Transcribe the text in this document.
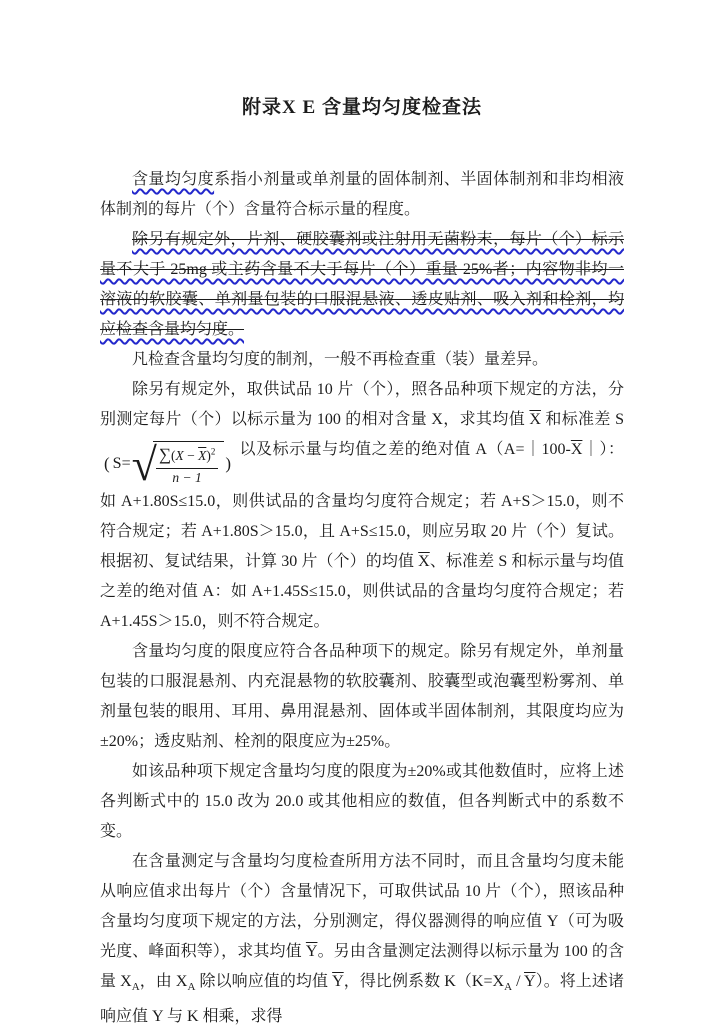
附录X E 含量均匀度检查法

含量均匀度系指小剂量或单剂量的固体制剂、半固体制剂和非均相液体制剂的每片（个）含量符合标示量的程度。

除另有规定外，片剂、硬胶囊剂或注射用无菌粉末，每片（个）标示量不大于 25mg 或主药含量不大于每片（个）重量 25%者；内容物非均一溶液的软胶囊、单剂量包装的口服混悬液、透皮贴剂、吸入剂和栓剂，均应检查含量均匀度。

凡检查含量均匀度的制剂，一般不再检查重（装）量差异。

除另有规定外，取供试品 10 片（个），照各品种项下规定的方法，分别测定每片（个）以标示量为 100 的相对含量 X，求其均值 $\overline{X}$ 和标准差 S
( S= √
$\frac{\sum(X - \overline{X})^2}{n - 1}$ )
以及标示量与均值之差的绝对值 $A(A=|100-\overline{X}|)$：如 A+1.80S≤15.0，则供试品的含量均匀度符合规定；若 A+S＞15.0，则不符合规定；若 A+1.80S＞15.0，且 A+S≤15.0，则应另取 20 片（个）复试。根据初、复试结果，计算 30 片（个）的均值 $\overline{X}$、标准差 S 和标示量与均值之差的绝对值 A：如 A+1.45S≤15.0，则供试品的含量均匀度符合规定；若 A+1.45S＞15.0，则不符合规定。

含量均匀度的限度应符合各品种项下的规定。除另有规定外，单剂量包装的口服混悬剂、内充混悬物的软胶囊剂、胶囊型或泡囊型粉雾剂、单剂量包装的眼用、耳用、鼻用混悬剂、固体或半固体制剂，其限度均应为±20%；透皮贴剂、栓剂的限度应为±25%。

如该品种项下规定含量均匀度的限度为±20%或其他数值时，应将上述各判断式中的 15.0 改为 20.0 或其他相应的数值，但各判断式中的系数不变。

在含量测定与含量均匀度检查所用方法不同时，而且含量均匀度未能从响应值求出每片（个）含量情况下，可取供试品 10 片（个），照该品种含量均匀度项下规定的方法，分别测定，得仪器测得的响应值 Y（可为吸光度、峰面积等），求其均值 $\overline{Y}$。另由含量测定法测得以标示量为 100 的含量 $X_A$，由 $X_A$ 除以响应值的均值 $\overline{Y}$，得比例系数 $K(K=X_A / \overline{Y})$。将上述诸响应值 Y 与 K 相乘，求得
